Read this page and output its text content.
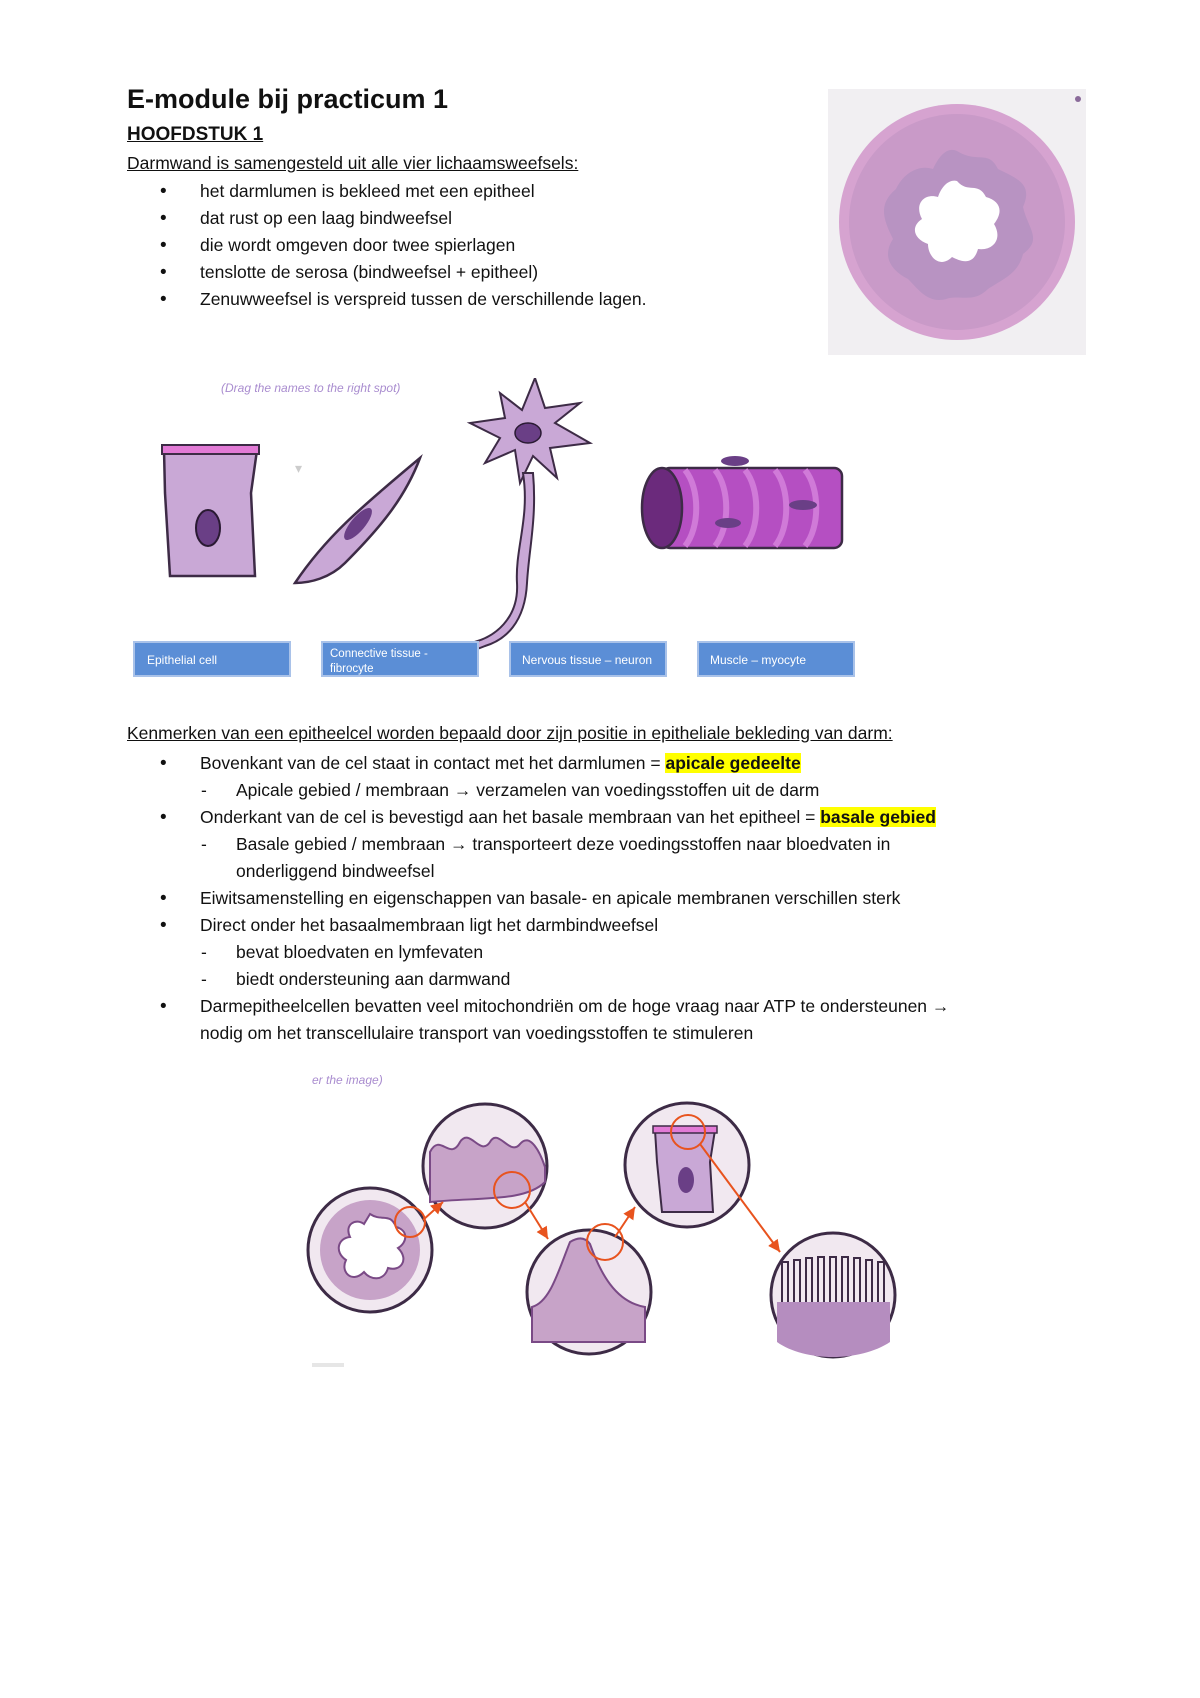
E-module bij practicum 1
HOOFDSTUK 1
Darmwand is samengesteld uit alle vier lichaamsweefsels:
• het darmlumen is bekleed met een epitheel
• dat rust op een laag bindweefsel
• die wordt omgeven door twee spierlagen
• tenslotte de serosa (bindweefsel + epitheel)
• Zenuwweefsel is verspreid tussen de verschillende lagen.
(Drag the names to the right spot)
▾
Epithelial cell	Connective tissue -
fibrocyte
Nervous tissue – neuron	Muscle – myocyte
Kenmerken van een epitheelcel worden bepaald door zijn positie in epitheliale bekleding van darm:
• Bovenkant van de cel staat in contact met het darmlumen = apicale gedeelte
- Apicale gebied / membraan → verzamelen van voedingsstoffen uit de darm
• Onderkant van de cel is bevestigd aan het basale membraan van het epitheel = basale gebied
- Basale gebied / membraan → transporteert deze voedingsstoffen naar bloedvaten in
onderliggend bindweefsel
• Eiwitsamenstelling en eigenschappen van basale- en apicale membranen verschillen sterk
• Direct onder het basaalmembraan ligt het darmbindweefsel
- bevat bloedvaten en lymfevaten
- biedt ondersteuning aan darmwand
• Darmepitheelcellen bevatten veel mitochondriën om de hoge vraag naar ATP te ondersteunen →
nodig om het transcellulaire transport van voedingsstoffen te stimuleren
er the image)
